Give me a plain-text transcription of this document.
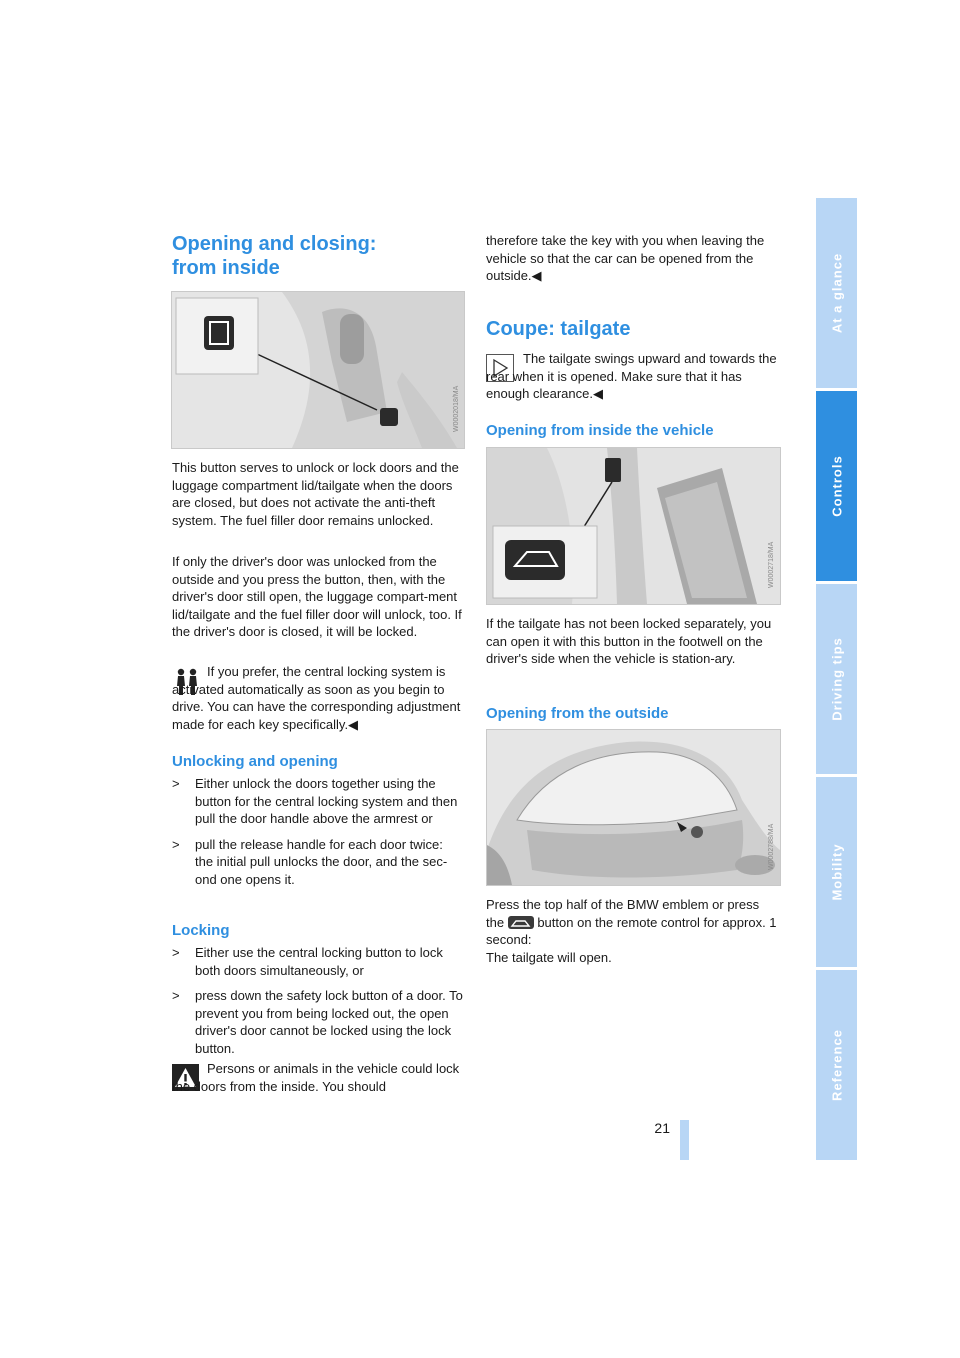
Opening and closing:
from inside
W0002018/MA
This button serves to unlock or lock doors and the luggage compartment lid/tailgate when the doors are closed, but does not activate the anti-theft system. The fuel filler door remains unlocked.
If only the driver's door was unlocked from the outside and you press the button, then, with the driver's door still open, the luggage compart-ment lid/tailgate and the fuel filler door will unlock, too. If the driver's door is closed, it will be locked.
If you prefer, the central locking system is activated automatically as soon as you begin to drive. You can have the corresponding adjustment made for each key specifically.◀
Unlocking and opening
> Either unlock the doors together using the button for the central locking system and then pull the door handle above the armrest or
> pull the release handle for each door twice: the initial pull unlocks the door, and the sec-ond one opens it.
Locking
> Either use the central locking button to lock both doors simultaneously, or
> press down the safety lock button of a door. To prevent you from being locked out, the open driver's door cannot be locked using the lock button.
Persons or animals in the vehicle could lock the doors from the inside. You should
therefore take the key with you when leaving the vehicle so that the car can be opened from the outside.◀
Coupe: tailgate
The tailgate swings upward and towards the rear when it is opened. Make sure that it has enough clearance.◀
Opening from inside the vehicle
W0002718/MA
If the tailgate has not been locked separately, you can open it with this button in the footwell on the driver's side when the vehicle is station-ary.
Opening from the outside
W0002788/MA
Press the top half of the BMW emblem or press the	button on the remote control for approx. 1 second:
The tailgate will open.
21
At a glance
Controls
Driving tips
Mobility
Reference
